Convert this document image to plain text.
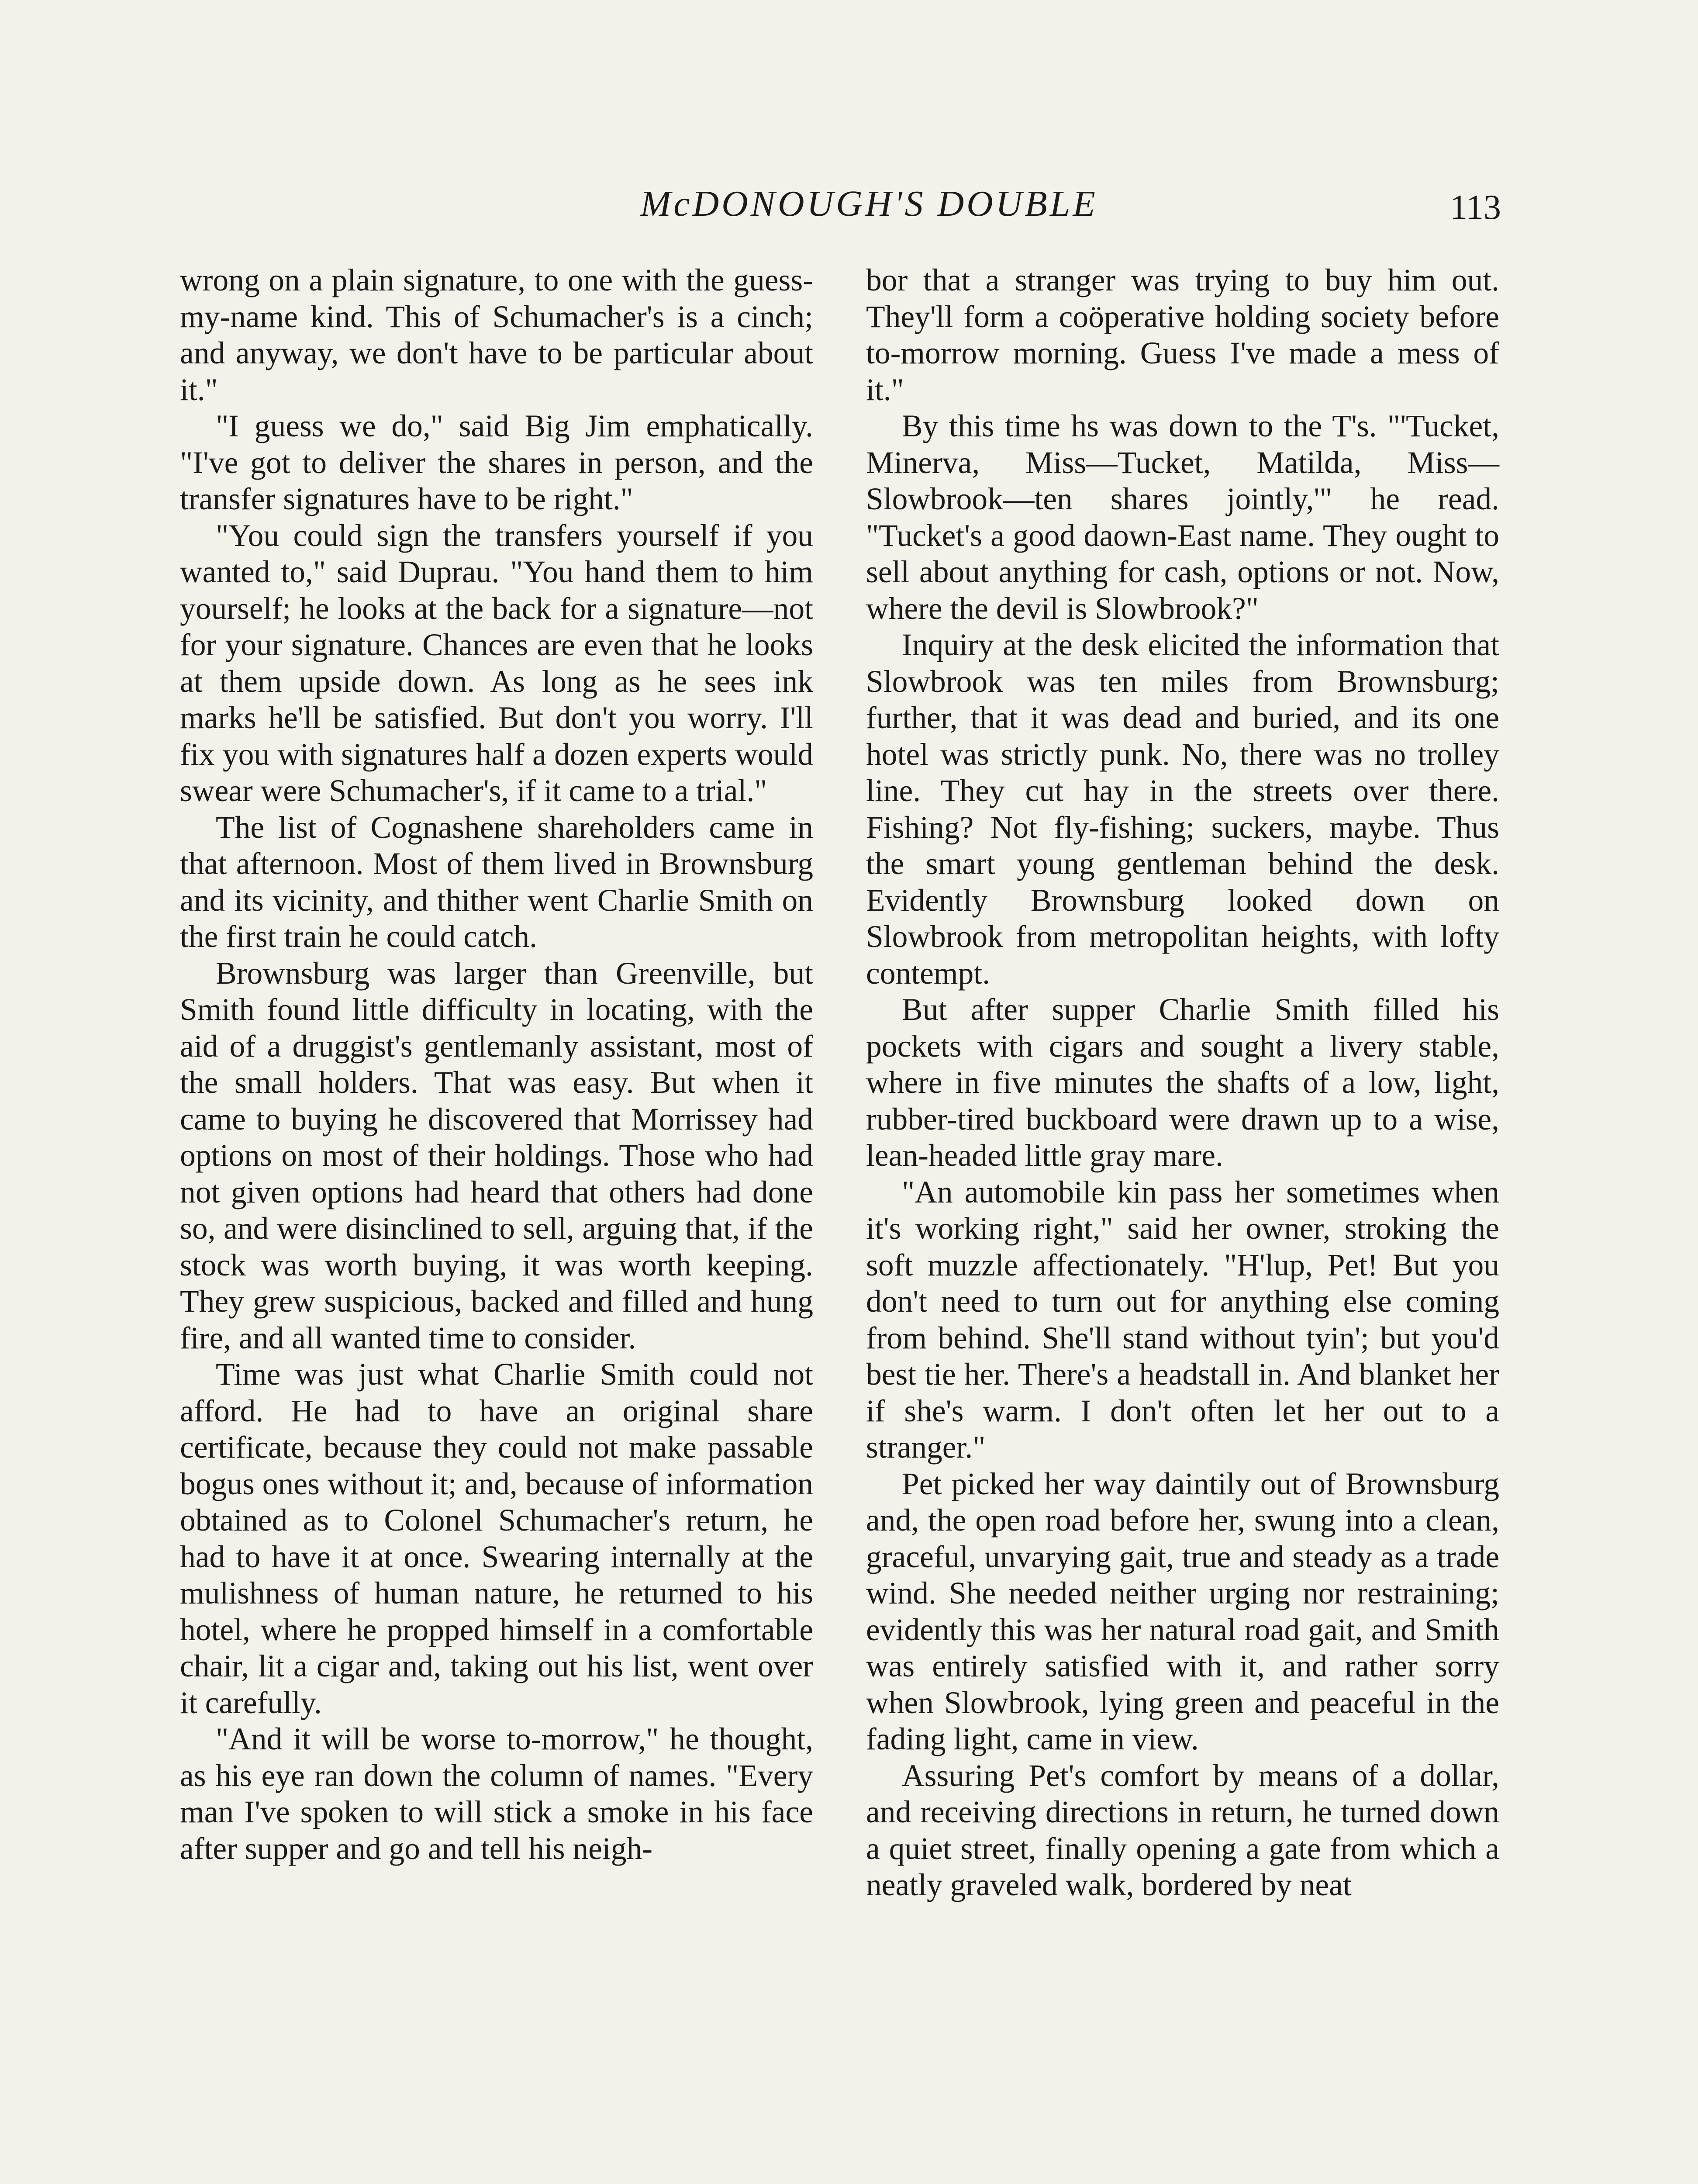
McDONOUGH'S DOUBLE	113

wrong on a plain signature, to one with the guess-my-name kind. This of Schumacher's is a cinch; and anyway, we don't have to be particular about it."

"I guess we do," said Big Jim emphatically. "I've got to deliver the shares in person, and the transfer signatures have to be right."

"You could sign the transfers yourself if you wanted to," said Duprau. "You hand them to him yourself; he looks at the back for a signature—not for your signature. Chances are even that he looks at them upside down. As long as he sees ink marks he'll be satisfied. But don't you worry. I'll fix you with signatures half a dozen experts would swear were Schumacher's, if it came to a trial."

The list of Cognashene shareholders came in that afternoon. Most of them lived in Brownsburg and its vicinity, and thither went Charlie Smith on the first train he could catch.

Brownsburg was larger than Greenville, but Smith found little difficulty in locating, with the aid of a druggist's gentlemanly assistant, most of the small holders. That was easy. But when it came to buying he discovered that Morrissey had options on most of their holdings. Those who had not given options had heard that others had done so, and were disinclined to sell, arguing that, if the stock was worth buying, it was worth keeping. They grew suspicious, backed and filled and hung fire, and all wanted time to consider.

Time was just what Charlie Smith could not afford. He had to have an original share certificate, because they could not make passable bogus ones without it; and, because of information obtained as to Colonel Schumacher's return, he had to have it at once. Swearing internally at the mulishness of human nature, he returned to his hotel, where he propped himself in a comfortable chair, lit a cigar and, taking out his list, went over it carefully.

"And it will be worse to-morrow," he thought, as his eye ran down the column of names. "Every man I've spoken to will stick a smoke in his face after supper and go and tell his neigh-

bor that a stranger was trying to buy him out. They'll form a coöperative holding society before to-morrow morning. Guess I've made a mess of it."

By this time hs was down to the T's. "'Tucket, Minerva, Miss—Tucket, Matilda, Miss—Slowbrook—ten shares jointly,'" he read. "Tucket's a good daown-East name. They ought to sell about anything for cash, options or not. Now, where the devil is Slowbrook?"

Inquiry at the desk elicited the information that Slowbrook was ten miles from Brownsburg; further, that it was dead and buried, and its one hotel was strictly punk. No, there was no trolley line. They cut hay in the streets over there. Fishing? Not fly-fishing; suckers, maybe. Thus the smart young gentleman behind the desk. Evidently Brownsburg looked down on Slowbrook from metropolitan heights, with lofty contempt.

But after supper Charlie Smith filled his pockets with cigars and sought a livery stable, where in five minutes the shafts of a low, light, rubber-tired buckboard were drawn up to a wise, lean-headed little gray mare.

"An automobile kin pass her sometimes when it's working right," said her owner, stroking the soft muzzle affectionately. "H'lup, Pet! But you don't need to turn out for anything else coming from behind. She'll stand without tyin'; but you'd best tie her. There's a headstall in. And blanket her if she's warm. I don't often let her out to a stranger."

Pet picked her way daintily out of Brownsburg and, the open road before her, swung into a clean, graceful, unvarying gait, true and steady as a trade wind. She needed neither urging nor restraining; evidently this was her natural road gait, and Smith was entirely satisfied with it, and rather sorry when Slowbrook, lying green and peaceful in the fading light, came in view.

Assuring Pet's comfort by means of a dollar, and receiving directions in return, he turned down a quiet street, finally opening a gate from which a neatly graveled walk, bordered by neat
